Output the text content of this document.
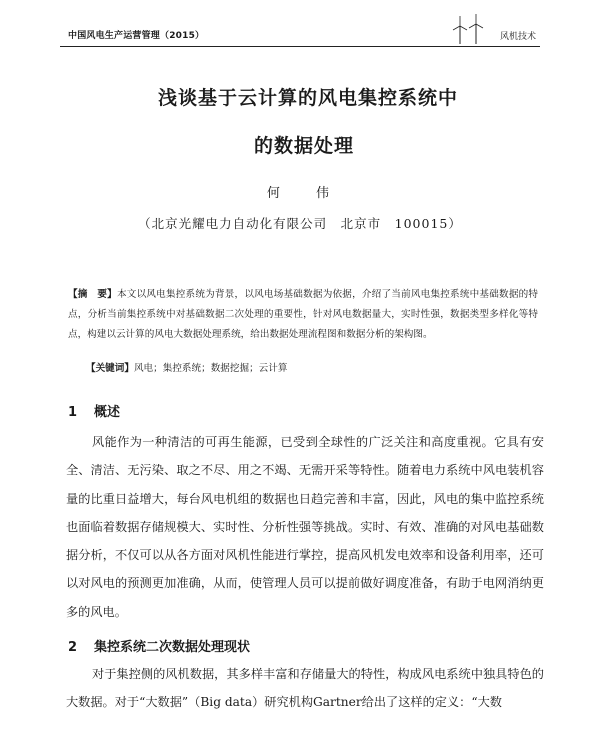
中国风电生产运营管理（2015）	风机技术
浅谈基于云计算的风电集控系统中
的数据处理
何 伟
（北京光耀电力自动化有限公司　北京市　100015）

【摘　要】本文以风电集控系统为背景，以风电场基础数据为依据，介绍了当前风电集控系统中基础数据的特点，分析当前集控系统中对基础数据二次处理的重要性，针对风电数据量大，实时性强，数据类型多样化等特点，构建以云计算的风电大数据处理系统，给出数据处理流程图和数据分析的架构图。

【关键词】风电；集控系统；数据挖掘；云计算

1 概述

风能作为一种清洁的可再生能源，已受到全球性的广泛关注和高度重视。它具有安全、清洁、无污染、取之不尽、用之不竭、无需开采等特性。随着电力系统中风电装机容量的比重日益增大，每台风电机组的数据也日趋完善和丰富，因此，风电的集中监控系统也面临着数据存储规模大、实时性、分析性强等挑战。实时、有效、准确的对风电基础数据分析，不仅可以从各方面对风机性能进行掌控，提高风机发电效率和设备利用率，还可以对风电的预测更加准确，从而，使管理人员可以提前做好调度准备，有助于电网消纳更多的风电。

2 集控系统二次数据处理现状

对于集控侧的风机数据，其多样丰富和存储量大的特性，构成风电系统中独具特色的大数据。对于“大数据”（Big data）研究机构Gartner给出了这样的定义：“大数
